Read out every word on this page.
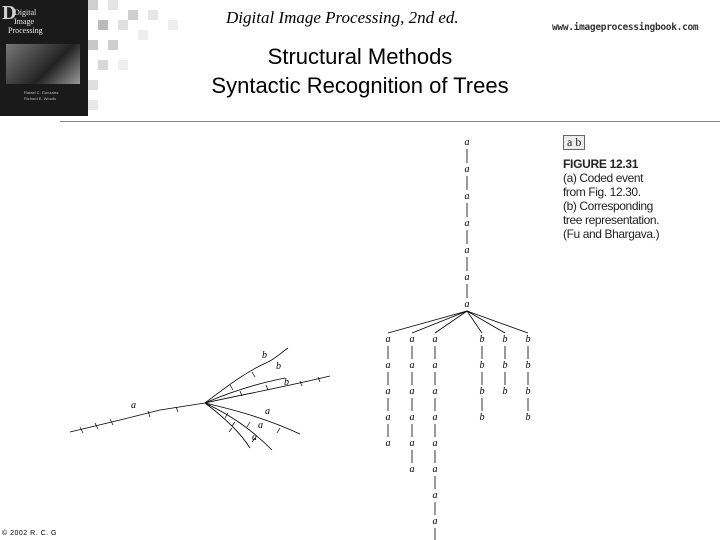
D
Digital
Image
Processing
Rafael C. Gonzalez
Richard E. Woods
Digital Image Processing, 2nd ed.
www.imageprocessingbook.com
Structural Methods
Syntactic Recognition of Trees
a
b
b
b
a
a
a
a
a
a
a
a
a
a
a
a
a
a
a
a
a
a
a
a
a
a
a
a
a
a
a
a
a
b
b
b
b
b
b
b
b
b
b
b
a b
FIGURE 12.31
(a) Coded event
from Fig. 12.30.
(b) Corresponding
tree representation.
(Fu and Bhargava.)
© 2002 R. C. G
